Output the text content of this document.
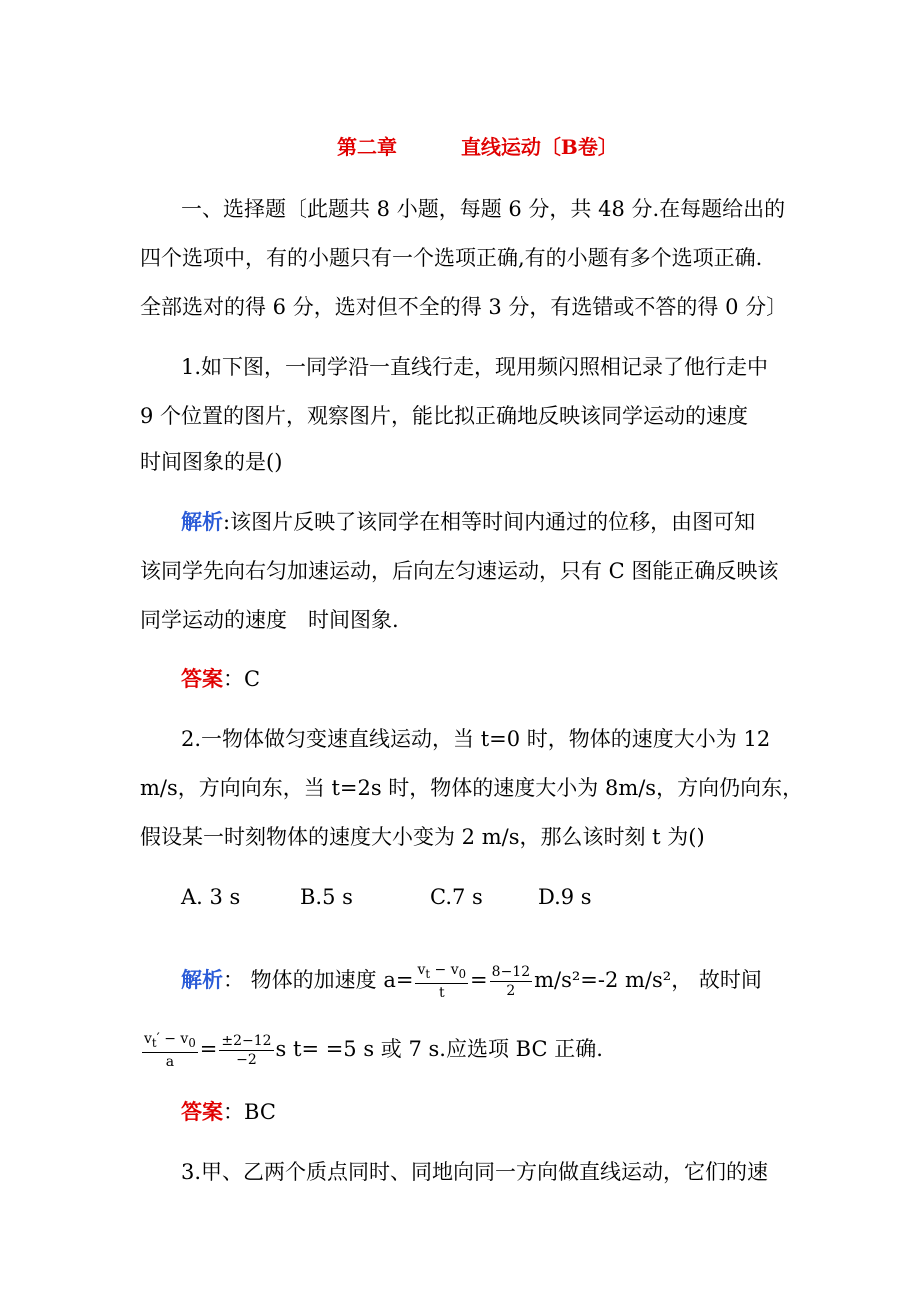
第二章	直线运动〔B卷〕
一、选择题〔此题共 8 小题，每题 6 分，共 48 分.在每题给出的
四个选项中，有的小题只有一个选项正确,有的小题有多个选项正确.
全部选对的得 6 分，选对但不全的得 3 分，有选错或不答的得 0 分〕
1.如下图，一同学沿一直线行走，现用频闪照相记录了他行走中
9 个位置的图片，观察图片，能比拟正确地反映该同学运动的速度
时间图象的是()
解析:该图片反映了该同学在相等时间内通过的位移，由图可知
该同学先向右匀加速运动，后向左匀速运动，只有 C 图能正确反映该
同学运动的速度　时间图象.
答案：C
2.一物体做匀变速直线运动，当 t=0 时，物体的速度大小为 12
m/s，方向向东，当 t=2s 时，物体的速度大小为 8m/s，方向仍向东，
假设某一时刻物体的速度大小变为 2 m/s，那么该时刻 t 为()
A. 3 s	B.5 s	C.7 s	D.9 s
解析： 物体的加速度 $a= \frac{v_t - v_0}{t} = \frac{8-12}{2} m/s^2=-2$ m/s²， 故时间
$\frac{v_t' - v_0}{a} = \frac{\pm 2-12}{-2}$ s t= =5 s 或 7 s.应选项 BC 正确.
答案：BC
3.甲、乙两个质点同时、同地向同一方向做直线运动，它们的速
